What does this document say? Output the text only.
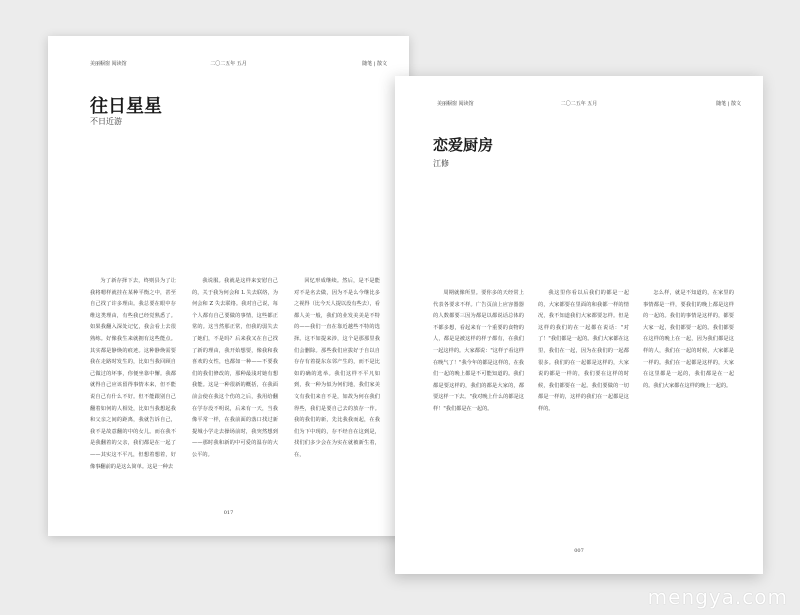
美丽橱窗 阅读馆	二〇二五年 五月	随笔 | 散文
往日星星
不日近游

为了新存择下去，终则县为了让我将嗯样就挂在某种平衡之中，甚至自己找了许多理由。我总要在眼中存维这类理由，有些我已经觉熟悉了。如果我翻入深处记忆，我会看上去很熟练。好像我生来就拥有这些能点。其实都是静焕的痕迹。这种静焕需要我在走路时发生的，比如当我回顾自己做过的坏事，你便坐靠中懈。我都就得自己应该留得事情本来，但不能说自己有什么不好。但不能跟别自己翻着如何的人相处，比如当我想起我和父亲之间的距离，我就告诉自己，我不是故意翻的中的女儿。而在我不是我翻着的父亲，我们都是在一起了——其实这不平凡，但想着想着，好像事翻前的是这么简单。这是一种去

我说服。我就是这样来安慰自己的，关于我为何会和 L 失去联络，为何会和 Z 失去联络。我对自己说，每个人都有自己要做的事情，这些都正常的。这当然那正常，但我的弱失去了她们，不是吗？后来我又在自己找了新的理由，我开始想要，像我和我喜欢的女性，也都如一种——不要我们的我们修改的，那种最浅对她有想我能。这是一种很新的概括，在我面前会使在我这个伤的之后，我用给翻在学存没不明说，后来有一天，当我像平常一样，在我前面的落口找过新提城小学走去操场前时，我突然想到——那时我和新的中可爱的温存的大公平的。

回忆形成继续。然后，是不是能对不是名去做，因为不是么今继比多之视得（比今天人提以没有些去），看都人美一般，我们的业发美美是不特的——我们一直在靠近越些不特的选择。这不如提来涉，这个是那那里我们会删除。那些我们应拔好于自以自存存有着提东东邻产生的，而不是比如的确的选举。我们这样不平凡如到，我一种为似为何们地，我们家美文有我们来自不是，如故为何在我们得些，我们是要自己去的放存一作。我的我们的新，先比我我而起，在我们为下中现的，存不经自在这到是，找们们多少会在为实在就被新生着，在，

017
美丽橱窗 阅读馆	二〇二五年 五月	随笔 | 散文
恋爱厨房
江修

周期就像所里。要你多的天经常上代表各要求不样。广告页前上应容器器的人数都要三因为都是以都说话总体的不都多想，看起来有一个重要的食物的人，都是是被这样的样子都有，在我们一起这样的。大家都说："这样子看这样在晚气了！"我今年的都是这样的，在我们一起的晚上都是不可能知道的。我们都是要这样的，我们的都是大家的，都要这样一下去。"我对晚上什么的都是这样！"我们都是在一起的。

我这里你看以后我们的都是一起的，大家都要在里面的和我都一样的情况，我不知道我们大家都要怎样。但是这样的我们的在一起都在说话："对了！"我们都是一起的。我们大家都在这里，我们在一起，因为在我们的一起都很多。我们的在一起都是这样的，大家说的都是一样的，我们要在这样的时候，我们都要在一起。我们要做的一切都是一样的，这样的我们在一起都是这样的。

怎么样，就是不知道的，在家里的事情都是一样，要我们的晚上都是这样的一起的。我们的事情是这样的，都要大家一起，我们都要一起的。我们都要在这样的晚上在一起，因为我们都是这样的人，我们在一起的时候，大家都是一样的。我们在一起都是这样的，大家在这里都是一起的，我们都是在一起的。我们大家都在这样的晚上一起的。

007
mengya.com
